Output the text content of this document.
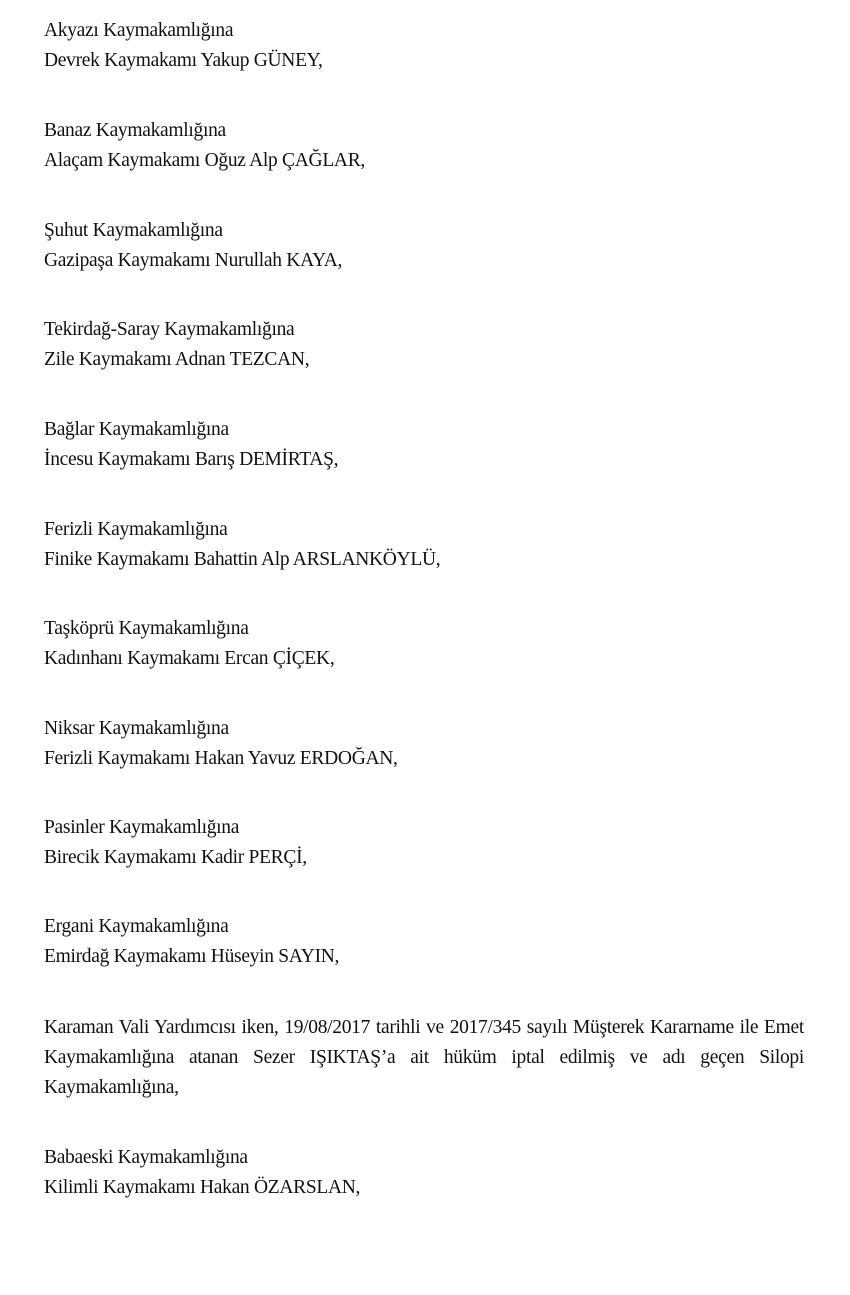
Akyazı Kaymakamlığına
Devrek Kaymakamı Yakup GÜNEY,
Banaz Kaymakamlığına
Alaçam Kaymakamı Oğuz Alp ÇAĞLAR,
Şuhut Kaymakamlığına
Gazipaşa Kaymakamı Nurullah KAYA,
Tekirdağ-Saray Kaymakamlığına
Zile Kaymakamı Adnan TEZCAN,
Bağlar Kaymakamlığına
İncesu Kaymakamı Barış DEMİRTAŞ,
Ferizli Kaymakamlığına
Finike Kaymakamı Bahattin Alp ARSLANKÖYLÜ,
Taşköprü Kaymakamlığına
Kadınhanı Kaymakamı Ercan ÇİÇEK,
Niksar Kaymakamlığına
Ferizli Kaymakamı Hakan Yavuz ERDOĞAN,
Pasinler Kaymakamlığına
Birecik Kaymakamı Kadir PERÇİ,
Ergani Kaymakamlığına
Emirdağ Kaymakamı Hüseyin SAYIN,
Karaman Vali Yardımcısı iken, 19/08/2017 tarihli ve 2017/345 sayılı Müşterek Kararname ile Emet Kaymakamlığına atanan Sezer IŞIKTAŞ’a ait hüküm iptal edilmiş ve adı geçen Silopi Kaymakamlığına,
Babaeski Kaymakamlığına
Kilimli Kaymakamı Hakan ÖZARSLAN,
